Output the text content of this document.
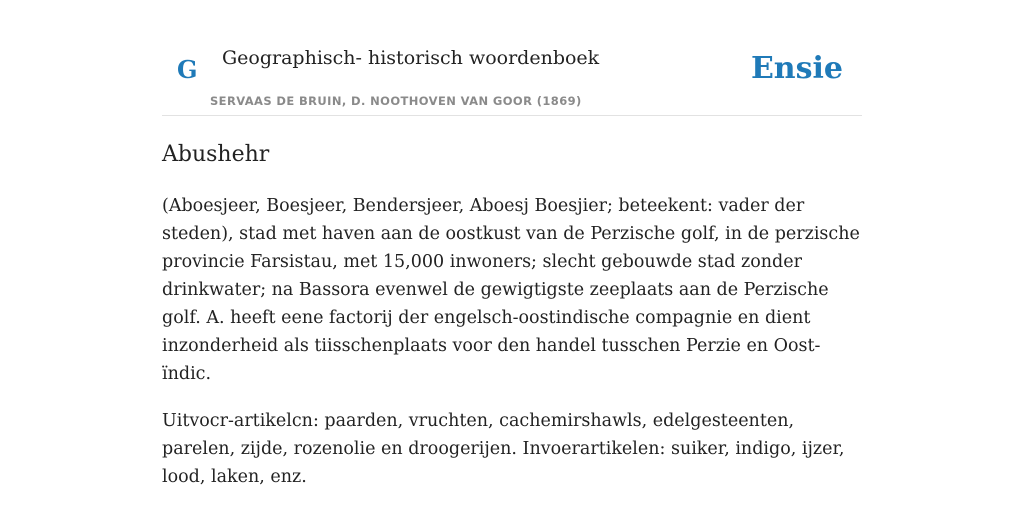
G Geographisch- historisch woordenboek
SERVAAS DE BRUIN, D. NOOTHOVEN VAN GOOR (1869)
Ensie
Abushehr

(Aboesjeer, Boesjeer, Bendersjeer, Aboesj Boesjier; beteekent: vader der steden), stad met haven aan de oostkust van de Perzische golf, in de perzische provincie Farsistau, met 15,000 inwoners; slecht gebouwde stad zonder drinkwater; na Bassora evenwel de gewigtigste zeeplaats aan de Perzische golf. A. heeft eene factorij der engelsch-oostindische compagnie en dient inzonderheid als tiisschenplaats voor den handel tusschen Perzie en Oost-ïndic.

Uitvocr-artikelcn: paarden, vruchten, cachemirshawls, edelgesteenten, parelen, zijde, rozenolie en droogerijen. Invoerartikelen: suiker, indigo, ijzer, lood, laken, enz.
